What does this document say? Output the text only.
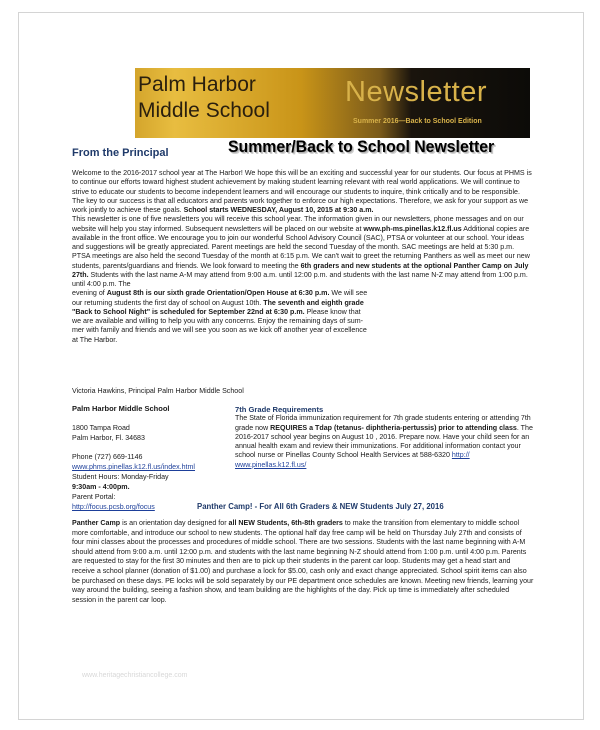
Palm Harbor
Middle School
Newsletter
Summer 2016—Back to School Edition
From the Principal	Summer/Back to School Newsletter
Welcome to the 2016-2017 school year at The Harbor! We hope this will be an exciting and successful year for our students. Our focus at PHMS is to continue our efforts toward highest student achievement by making student learning relevant with real world applications. We will continue to strive to educate our students to become independent learners and will encourage our students to inquire, think critically and to be responsible. The key to our success is that all educators and parents work together to enforce our high expectations. Therefore, we ask for your support as we work jointly to achieve these goals. School starts WEDNESDAY, August 10, 2015 at 9:30 a.m.
This newsletter is one of five newsletters you will receive this school year. The information given in our newsletters, phone messages and on our website will help you stay informed. Subsequent newsletters will be placed on our website at www.ph-ms.pinellas.k12.fl.us Additional copies are available in the front office. We encourage you to join our wonderful School Advisory Council (SAC), PTSA or volunteer at our school. Your ideas and suggestions will be greatly appreciated. Parent meetings are held the second Tuesday of the month. SAC meetings are held at 5:30 p.m. PTSA meetings are also held the second Tuesday of the month at 6:15 p.m. We can't wait to greet the returning Panthers as well as meet our new students, parents/guardians and friends. We look forward to meeting the 6th graders and new students at the optional Panther Camp on July 27th. Students with the last name A-M may attend from 9:00 a.m. until 12:00 p.m. and students with the last name N-Z may attend from 1:00 p.m. until 4:00 p.m. The
evening of August 8th is our sixth grade Orientation/Open House at 6:30 p.m. We will see
our returning students the first day of school on August 10th. The seventh and eighth grade
"Back to School Night" is scheduled for September 22nd at 6:30 p.m. Please know that
we are available and willing to help you with any concerns. Enjoy the remaining days of sum-
mer with family and friends and we will see you soon as we kick off another year of excellence
at The Harbor.
Victoria Hawkins, Principal Palm Harbor Middle School
Palm Harbor Middle School
1800 Tampa Road
Palm Harbor, Fl. 34683
Phone (727) 669-1146
www.phms.pinellas.k12.fl.us/index.html
Student Hours: Monday-Friday
9:30am - 4:00pm.
Parent Portal:
http://focus.pcsb.org/focus
7th Grade Requirements
The State of Florida immunization requirement for 7th grade students entering or attending 7th grade now REQUIRES a Tdap (tetanus- diphtheria-pertussis) prior to attending class. The 2016-2017 school year begins on August 10 , 2016. Prepare now. Have your child seen for an annual health exam and review their immunizations. For additional information contact your school nurse or Pinellas County School Health Services at 588-6320 http://
www.pinellas.k12.fl.us/
Panther Camp! - For All 6th Graders & NEW Students July 27, 2016
Panther Camp is an orientation day designed for all NEW Students, 6th-8th graders to make the transition from elementary to middle school more comfortable, and introduce our school to new students. The optional half day free camp will be held on Thursday July 27th and consists of four mini classes about the processes and procedures of middle school. There are two sessions. Students with the last name beginning with A-M should attend from 9:00 a.m. until 12:00 p.m. and students with the last name beginning N-Z should attend from 1:00 p.m. until 4:00 p.m. Parents are requested to stay for the first 30 minutes and then are to pick up their students in the parent car loop. Students may get a head start and receive a school planner (donation of $1.00) and purchase a lock for $5.00, cash only and exact change appreciated. School spirit items can also be purchased on these days. PE locks will be sold separately by our PE department once schedules are known. Meeting new friends, learning your way around the building, seeing a fashion show, and team building are the highlights of the day. Pick up time is immediately after scheduled session in the parent car loop.
www.heritagechristiancollege.com
